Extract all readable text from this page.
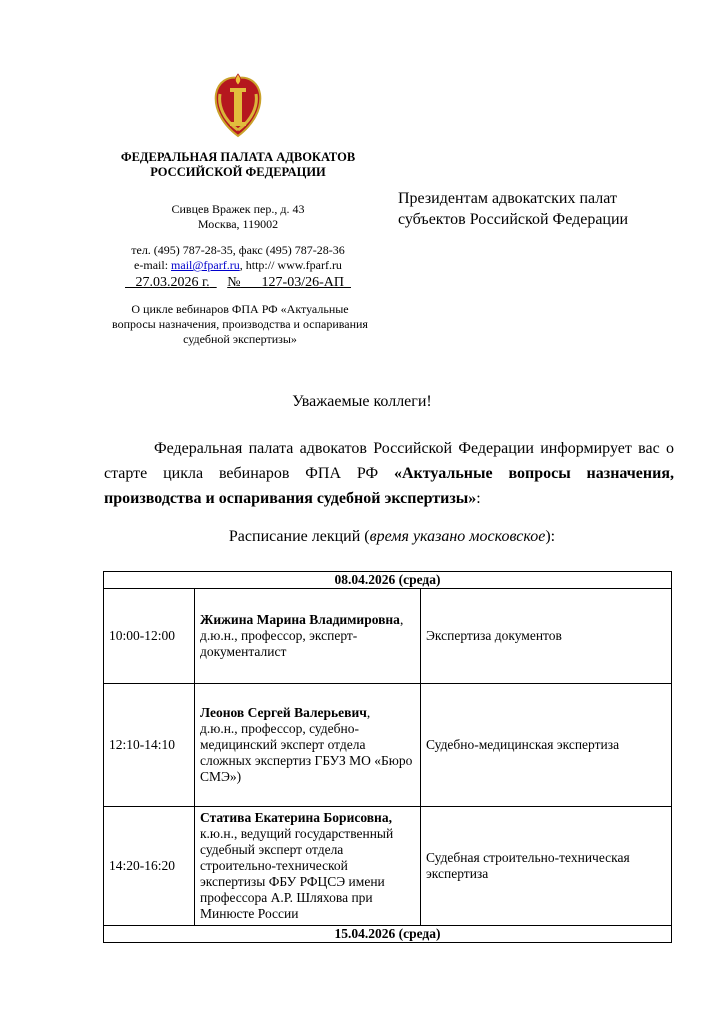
ФЕДЕРАЛЬНАЯ ПАЛАТА АДВОКАТОВ
РОССИЙСКОЙ ФЕДЕРАЦИИ
Сивцев Вражек пер., д. 43
Москва, 119002
тел. (495) 787-28-35, факс (495) 787-28-36
e-mail: mail@fparf.ru, http:// www.fparf.ru
27.03.2026 г. № 127-03/26-АП
О цикле вебинаров ФПА РФ «Актуальные вопросы назначения, производства и оспаривания судебной экспертизы»
Президентам адвокатских палат
субъектов Российской Федерации
Уважаемые коллеги!
Федеральная палата адвокатов Российской Федерации информирует вас о старте цикла вебинаров ФПА РФ «Актуальные вопросы назначения, производства и оспаривания судебной экспертизы»:
Расписание лекций (время указано московское):
08.04.2026 (среда)		
10:00-12:00	Жижина Марина Владимировна,
д.ю.н., профессор, эксперт-документалист	Экспертиза документов
12:10-14:10	Леонов Сергей Валерьевич,
д.ю.н., профессор, судебно-медицинский эксперт отдела сложных экспертиз ГБУЗ МО «Бюро СМЭ»)	Судебно-медицинская экспертиза
14:20-16:20	Статива Екатерина Борисовна,
к.ю.н., ведущий государственный судебный эксперт отдела строительно-технической экспертизы ФБУ РФЦСЭ имени профессора А.Р. Шляхова при Минюсте России	Судебная строительно-техническая экспертиза
15.04.2026 (среда)		
